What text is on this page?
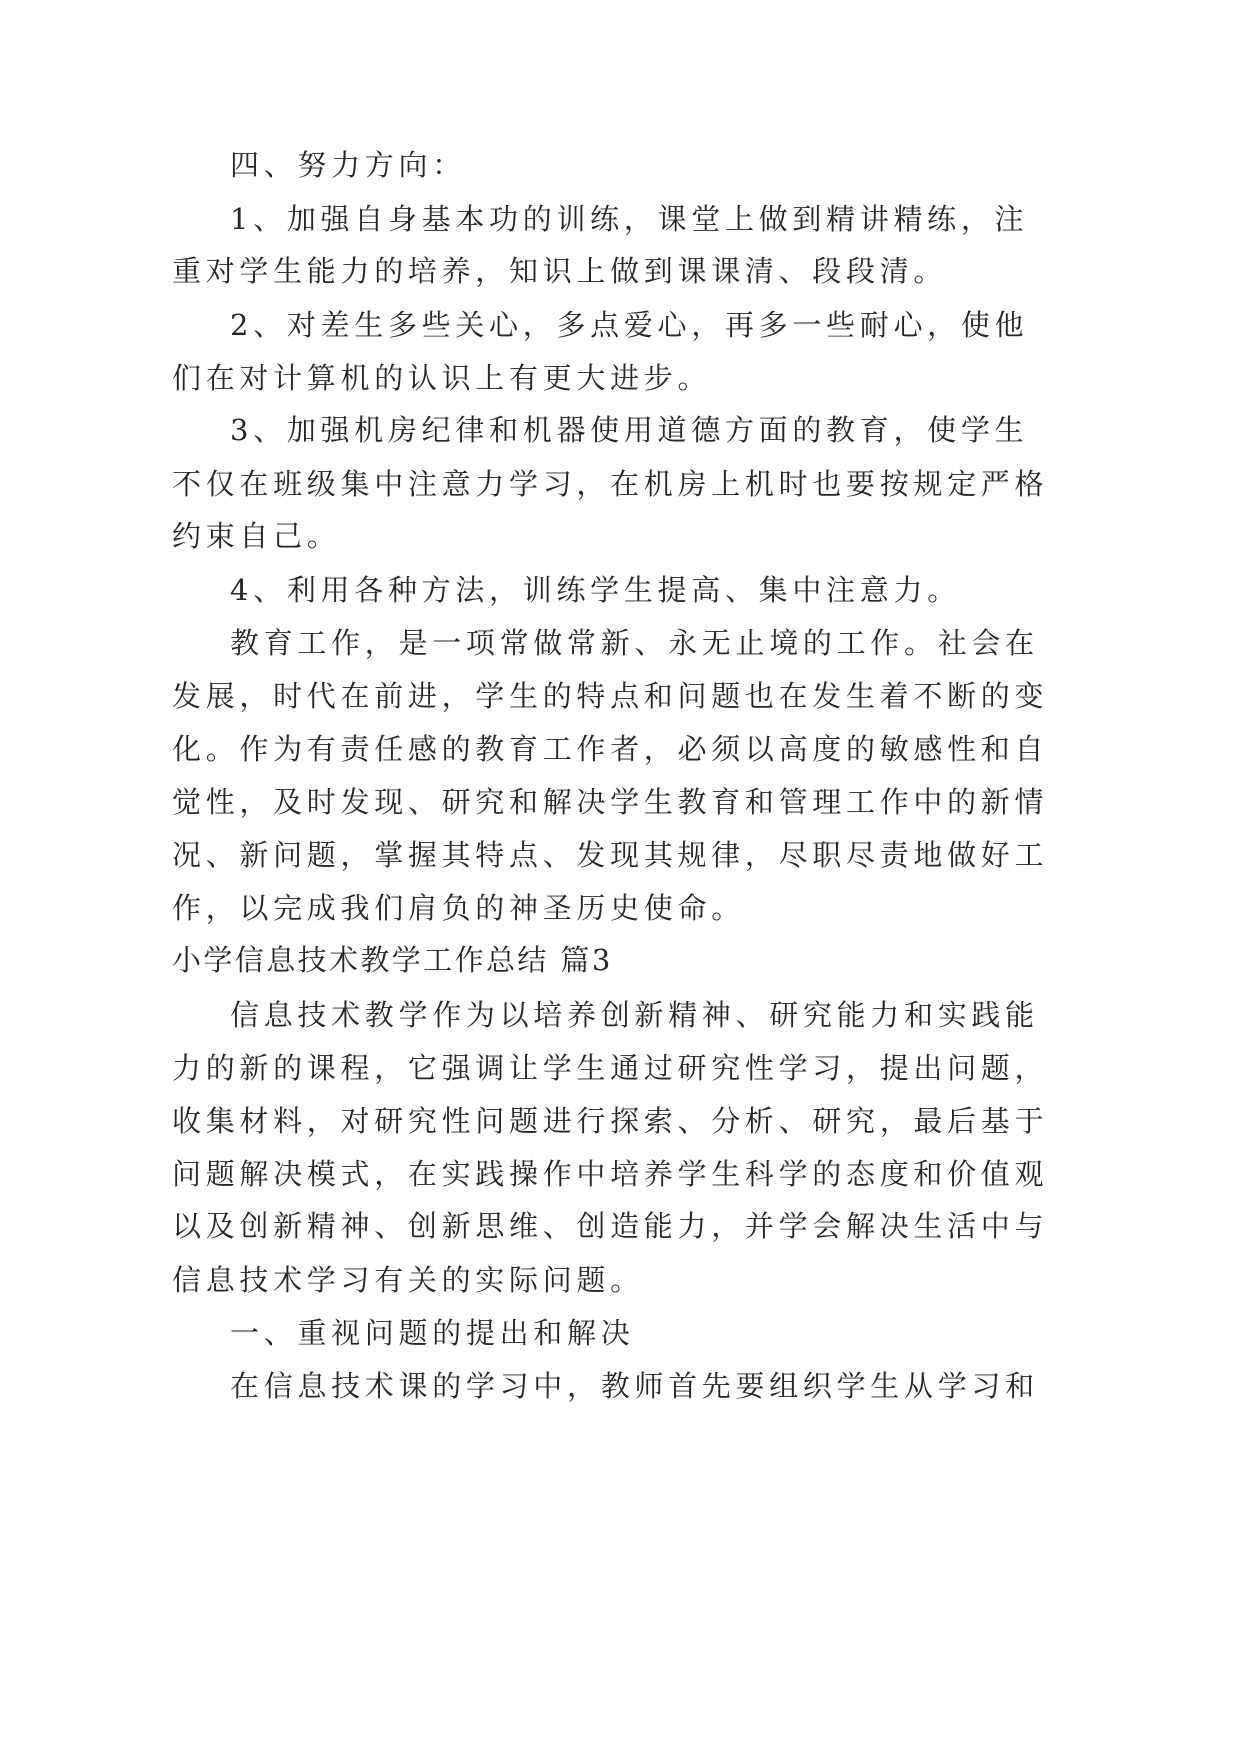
四、努力方向：

1、加强自身基本功的训练，课堂上做到精讲精练，注

重对学生能力的培养，知识上做到课课清、段段清。

2、对差生多些关心，多点爱心，再多一些耐心，使他

们在对计算机的认识上有更大进步。

3、加强机房纪律和机器使用道德方面的教育，使学生

不仅在班级集中注意力学习，在机房上机时也要按规定严格

约束自己。

4、利用各种方法，训练学生提高、集中注意力。

教育工作，是一项常做常新、永无止境的工作。社会在

发展，时代在前进，学生的特点和问题也在发生着不断的变

化。作为有责任感的教育工作者，必须以高度的敏感性和自

觉性，及时发现、研究和解决学生教育和管理工作中的新情

况、新问题，掌握其特点、发现其规律，尽职尽责地做好工

作，以完成我们肩负的神圣历史使命。

小学信息技术教学工作总结 篇3

信息技术教学作为以培养创新精神、研究能力和实践能

力的新的课程，它强调让学生通过研究性学习，提出问题，

收集材料，对研究性问题进行探索、分析、研究，最后基于

问题解决模式，在实践操作中培养学生科学的态度和价值观

以及创新精神、创新思维、创造能力，并学会解决生活中与

信息技术学习有关的实际问题。

一、重视问题的提出和解决

在信息技术课的学习中，教师首先要组织学生从学习和
